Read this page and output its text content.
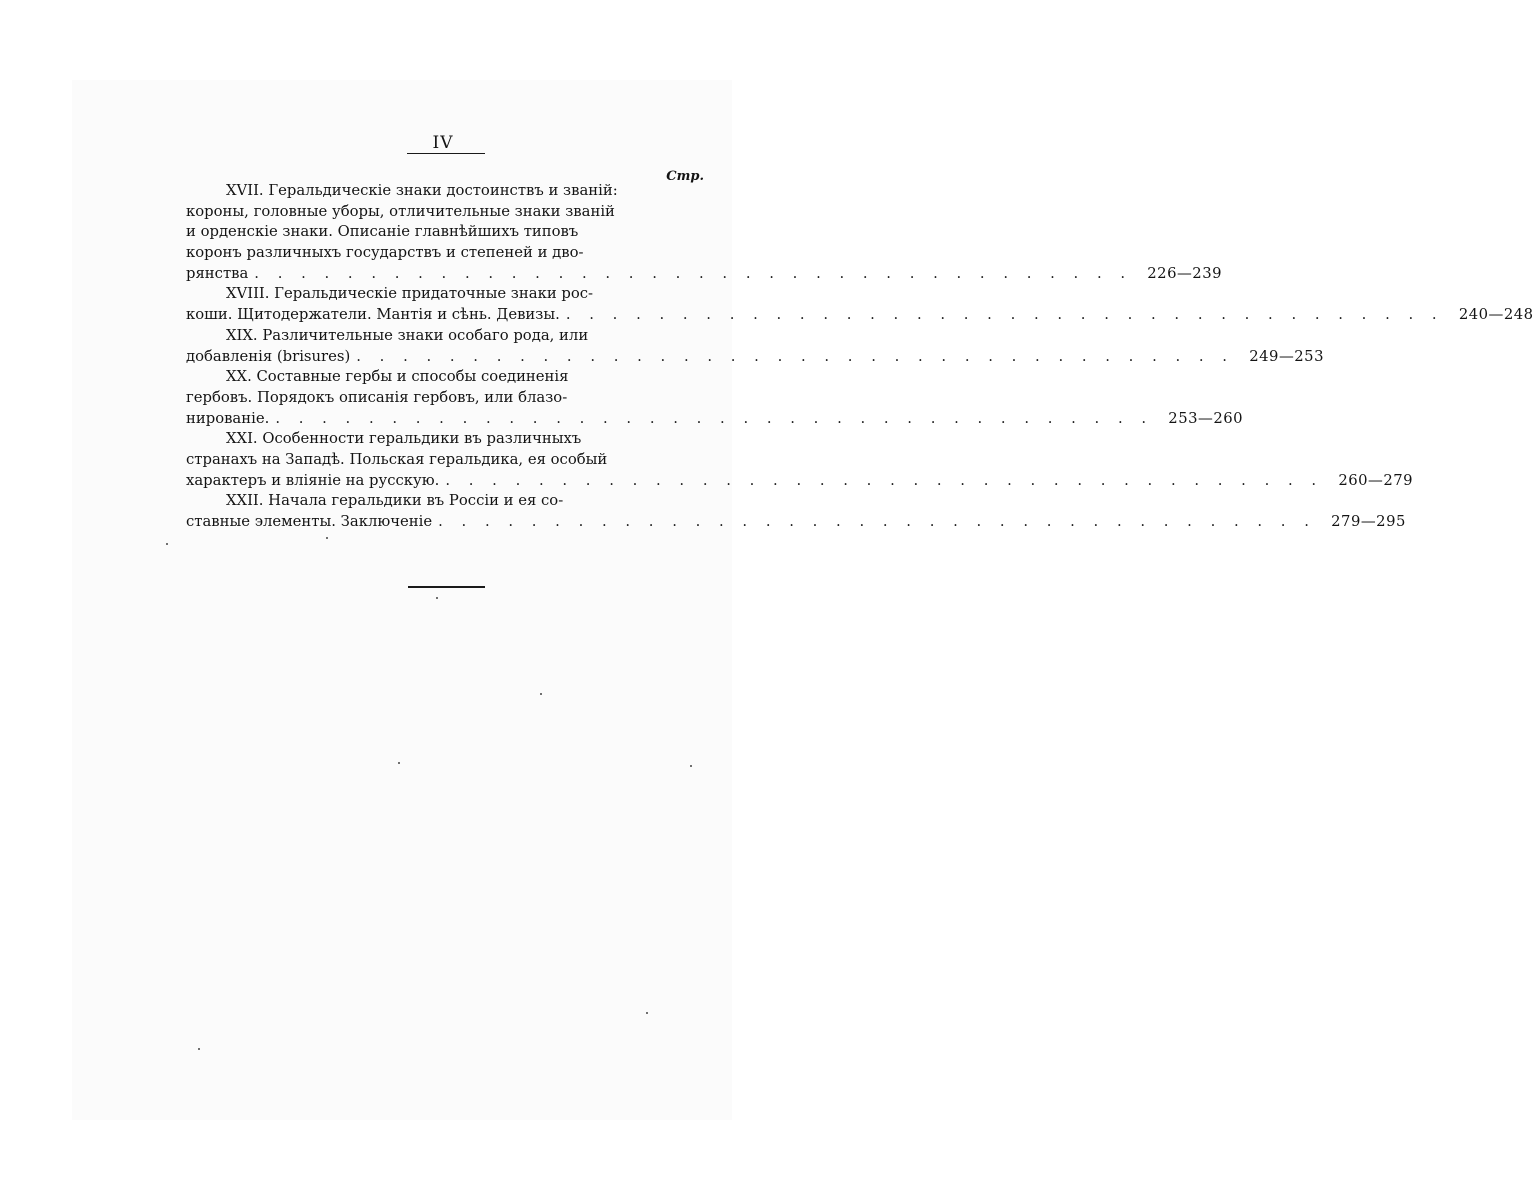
IV
Стр.
XVII. Геральдическіе знаки достоинствъ и званій:
короны, головные уборы, отличительные знаки званій
и орденскіе знаки. Описаніе главнѣйшихъ типовъ
коронъ различныхъ государствъ и степеней и дво-
рянства . . . . . . . . . . . . . . . . . . . . . . . . . . . . . . . . . . . . . .	226—239
XVIII. Геральдическіе придаточные знаки рос-
коши. Щитодержатели. Мантія и сѣнь. Девизы. . . . . . . . . . . . . . . . . . . . . . . . . . . . . . . . . . . . . . .	240—248
XIX. Различительные знаки особаго рода, или
добавленія (brisures) . . . . . . . . . . . . . . . . . . . . . . . . . . . . . . . . . . . . . .	249—253
XX. Составные гербы и способы соединенія
гербовъ. Порядокъ описанія гербовъ, или блазо-
нированіе. . . . . . . . . . . . . . . . . . . . . . . . . . . . . . . . . . . . . . .	253—260
XXI. Особенности геральдики въ различныхъ
странахъ на Западѣ. Польская геральдика, ея особый
характеръ и вліяніе на русскую. . . . . . . . . . . . . . . . . . . . . . . . . . . . . . . . . . . . . . .	260—279
XXII. Начала геральдики въ Россіи и ея со-
ставные элементы. Заключеніе . . . . . . . . . . . . . . . . . . . . . . . . . . . . . . . . . . . . . .	279—295
